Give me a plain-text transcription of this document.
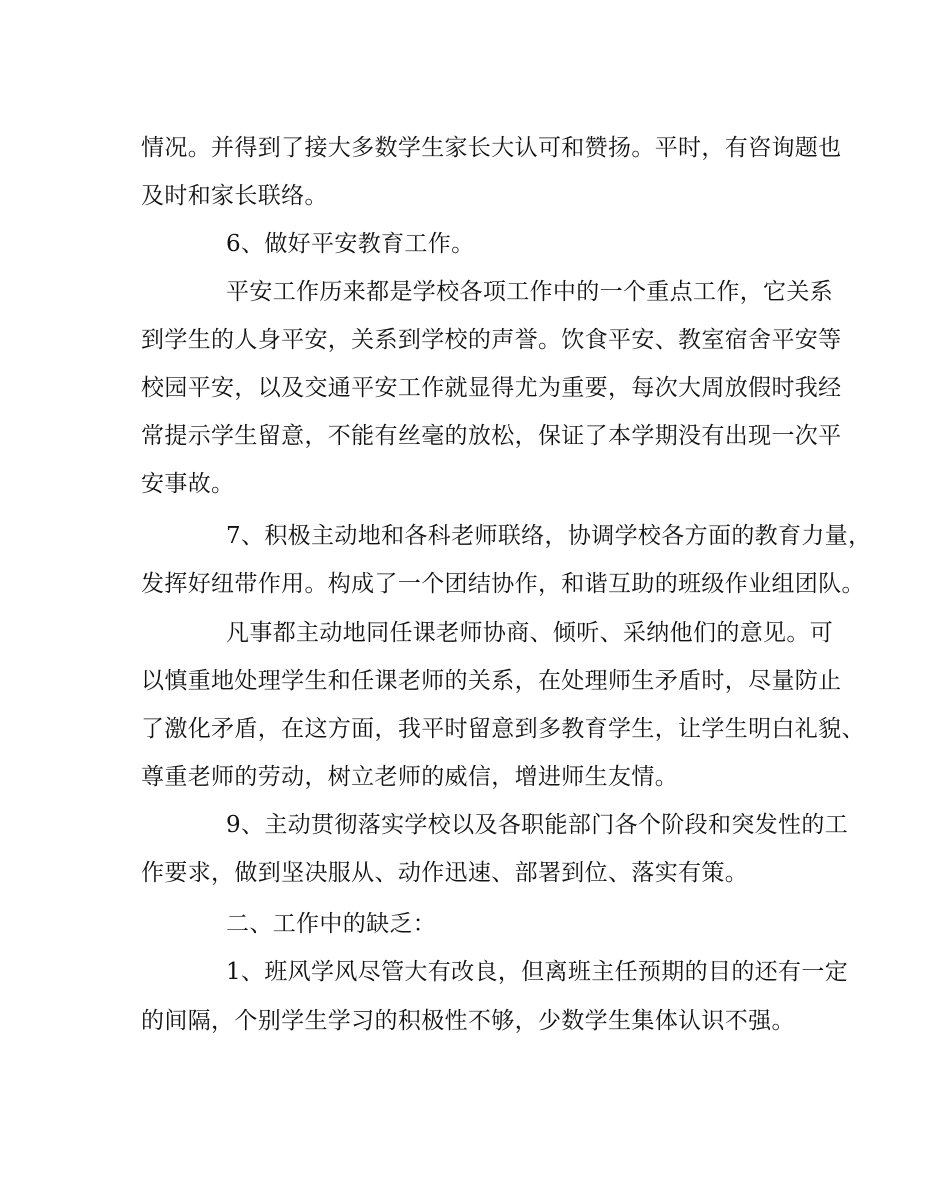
情况。并得到了接大多数学生家长大认可和赞扬。平时，有咨询题也
及时和家长联络。
6、做好平安教育工作。
平安工作历来都是学校各项工作中的一个重点工作，它关系
到学生的人身平安，关系到学校的声誉。饮食平安、教室宿舍平安等
校园平安，以及交通平安工作就显得尤为重要，每次大周放假时我经
常提示学生留意，不能有丝毫的放松，保证了本学期没有出现一次平
安事故。
7、积极主动地和各科老师联络，协调学校各方面的教育力量，
发挥好纽带作用。构成了一个团结协作，和谐互助的班级作业组团队。
凡事都主动地同任课老师协商、倾听、采纳他们的意见。可
以慎重地处理学生和任课老师的关系，在处理师生矛盾时，尽量防止
了激化矛盾，在这方面，我平时留意到多教育学生，让学生明白礼貌、
尊重老师的劳动，树立老师的威信，增进师生友情。
9、主动贯彻落实学校以及各职能部门各个阶段和突发性的工
作要求，做到坚决服从、动作迅速、部署到位、落实有策。
二、工作中的缺乏：
1、班风学风尽管大有改良，但离班主任预期的目的还有一定
的间隔，个别学生学习的积极性不够，少数学生集体认识不强。
